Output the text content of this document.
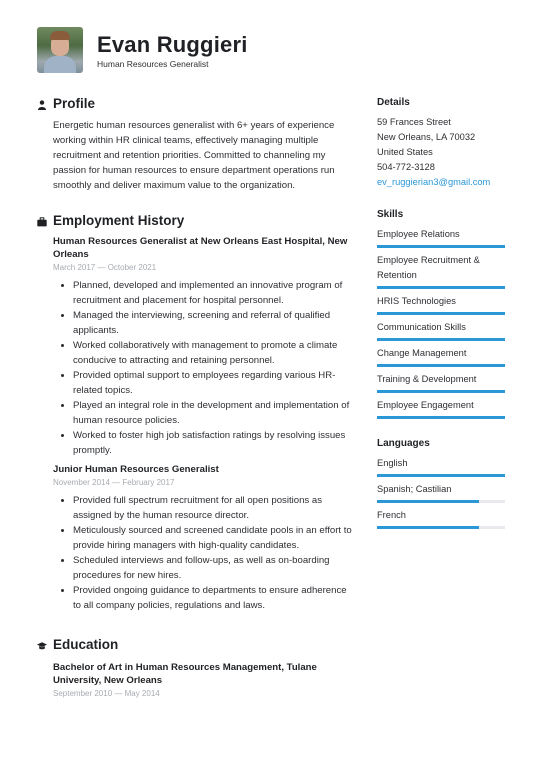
Evan Ruggieri
Human Resources Generalist
Profile
Energetic human resources generalist with 6+ years of experience working within HR clinical teams, effectively managing multiple recruitment and retention priorities. Committed to channeling my passion for human resources to ensure department operations run smoothly and deliver maximum value to the organization.
Employment History
Human Resources Generalist at New Orleans East Hospital, New Orleans
March 2017 — October 2021
Planned, developed and implemented an innovative program of recruitment and placement for hospital personnel.
Managed the interviewing, screening and referral of qualified applicants.
Worked collaboratively with management to promote a climate conducive to attracting and retaining personnel.
Provided optimal support to employees regarding various HR-related topics.
Played an integral role in the development and implementation of human resource policies.
Worked to foster high job satisfaction ratings by resolving issues promptly.
Junior Human Resources Generalist
November 2014 — February 2017
Provided full spectrum recruitment for all open positions as assigned by the human resource director.
Meticulously sourced and screened candidate pools in an effort to provide hiring managers with high-quality candidates.
Scheduled interviews and follow-ups, as well as on-boarding procedures for new hires.
Provided ongoing guidance to departments to ensure adherence to all company policies, regulations and laws.
Education
Bachelor of Art in Human Resources Management, Tulane University, New Orleans
September 2010 — May 2014
Details
59 Frances Street
New Orleans, LA 70032
United States
504-772-3128
ev_ruggierian3@gmail.com
Skills
Employee Relations
Employee Recruitment & Retention
HRIS Technologies
Communication Skills
Change Management
Training & Development
Employee Engagement
Languages
English
Spanish; Castilian
French
